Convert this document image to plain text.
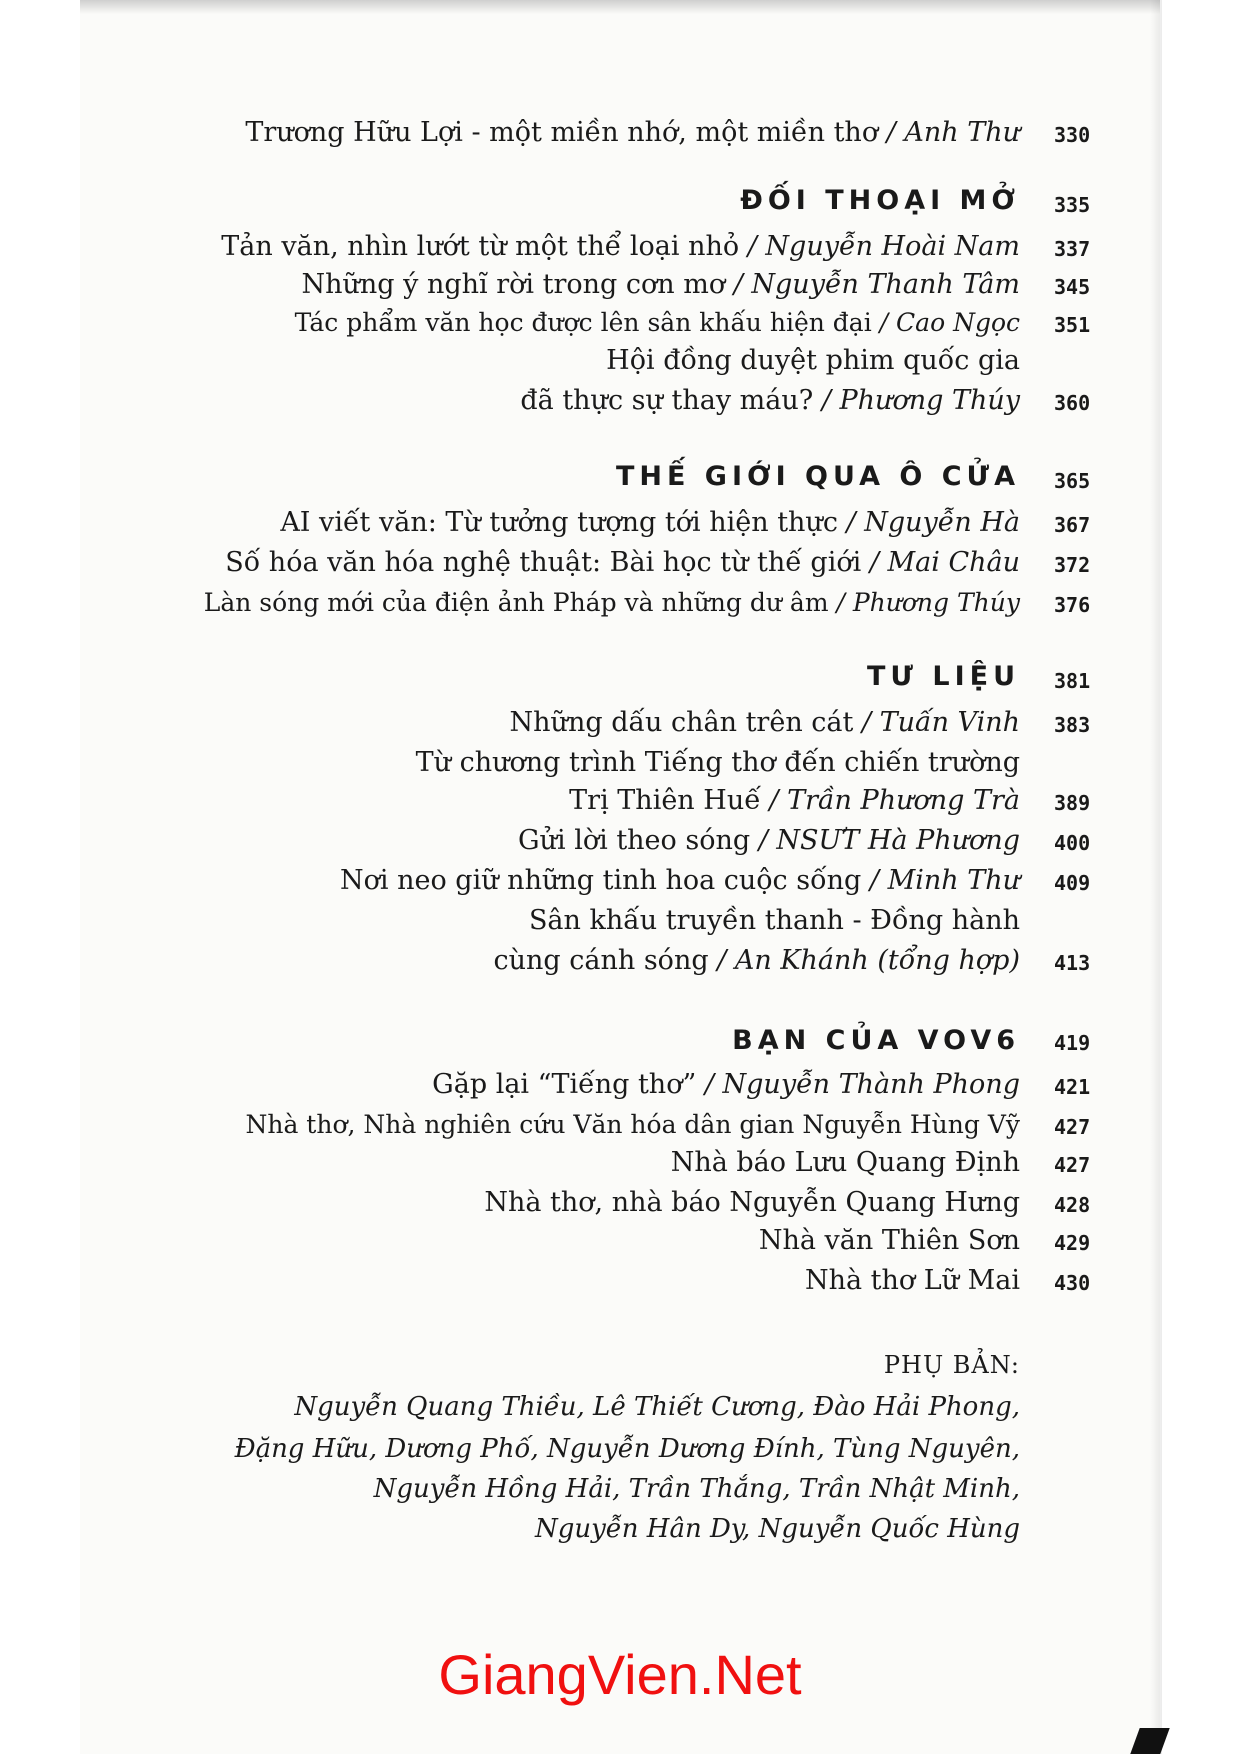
Trương Hữu Lợi - một miền nhớ, một miền thơ / Anh Thư 330
ĐỐI THOẠI MỞ 335
Tản văn, nhìn lướt từ một thể loại nhỏ / Nguyễn Hoài Nam 337
Những ý nghĩ rời trong cơn mơ / Nguyễn Thanh Tâm 345
Tác phẩm văn học được lên sân khấu hiện đại / Cao Ngọc 351
Hội đồng duyệt phim quốc gia
đã thực sự thay máu? / Phương Thúy 360
THẾ GIỚI QUA Ô CỬA 365
AI viết văn: Từ tưởng tượng tới hiện thực / Nguyễn Hà 367
Số hóa văn hóa nghệ thuật: Bài học từ thế giới / Mai Châu 372
Làn sóng mới của điện ảnh Pháp và những dư âm / Phương Thúy 376
TƯ LIỆU 381
Những dấu chân trên cát / Tuấn Vinh 383
Từ chương trình Tiếng thơ đến chiến trường
Trị Thiên Huế / Trần Phương Trà 389
Gửi lời theo sóng / NSƯT Hà Phương 400
Nơi neo giữ những tinh hoa cuộc sống / Minh Thư 409
Sân khấu truyền thanh - Đồng hành
cùng cánh sóng / An Khánh (tổng hợp) 413
BẠN CỦA VOV6 419
Gặp lại “Tiếng thơ” / Nguyễn Thành Phong 421
Nhà thơ, Nhà nghiên cứu Văn hóa dân gian Nguyễn Hùng Vỹ 427
Nhà báo Lưu Quang Định 427
Nhà thơ, nhà báo Nguyễn Quang Hưng 428
Nhà văn Thiên Sơn 429
Nhà thơ Lữ Mai 430
PHỤ BẢN:
Nguyễn Quang Thiều, Lê Thiết Cương, Đào Hải Phong,
Đặng Hữu, Dương Phố, Nguyễn Dương Đính, Tùng Nguyên,
Nguyễn Hồng Hải, Trần Thắng, Trần Nhật Minh,
Nguyễn Hân Dy, Nguyễn Quốc Hùng
GiangVien.Net
